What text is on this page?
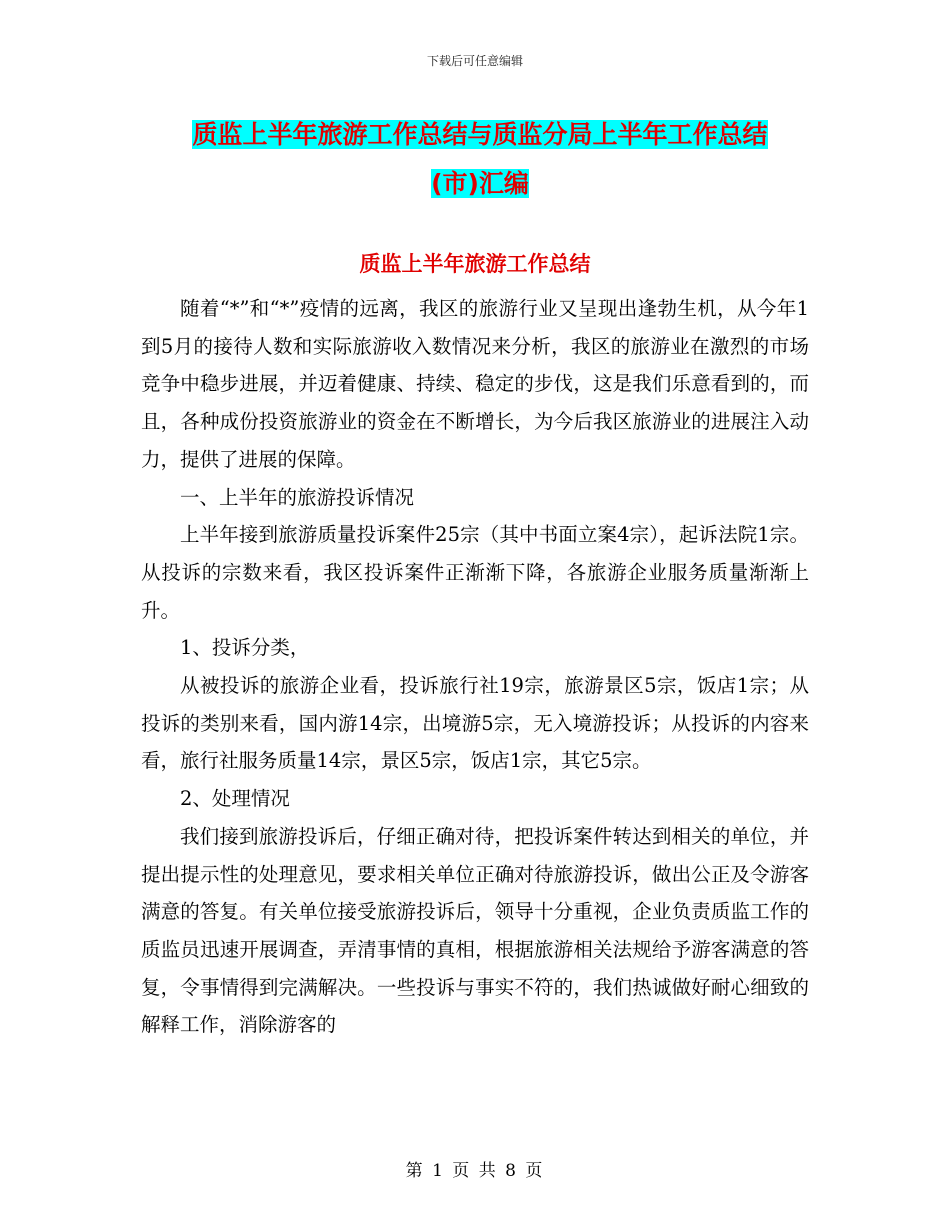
下载后可任意编辑
质监上半年旅游工作总结与质监分局上半年工作总结
(市)汇编
质监上半年旅游工作总结

随着“*”和“*”疫情的远离，我区的旅游行业又呈现出逢勃生机，从今年1到5月的接待人数和实际旅游收入数情况来分析，我区的旅游业在激烈的市场竞争中稳步进展，并迈着健康、持续、稳定的步伐，这是我们乐意看到的，而且，各种成份投资旅游业的资金在不断增长，为今后我区旅游业的进展注入动力，提供了进展的保障。

一、上半年的旅游投诉情况

上半年接到旅游质量投诉案件25宗（其中书面立案4宗），起诉法院1宗。从投诉的宗数来看，我区投诉案件正渐渐下降，各旅游企业服务质量渐渐上升。

1、投诉分类，

从被投诉的旅游企业看，投诉旅行社19宗，旅游景区5宗，饭店1宗；从投诉的类别来看，国内游14宗，出境游5宗，无入境游投诉；从投诉的内容来看，旅行社服务质量14宗，景区5宗，饭店1宗，其它5宗。

2、处理情况

我们接到旅游投诉后，仔细正确对待，把投诉案件转达到相关的单位，并提出提示性的处理意见，要求相关单位正确对待旅游投诉，做出公正及令游客满意的答复。有关单位接受旅游投诉后，领导十分重视，企业负责质监工作的质监员迅速开展调查，弄清事情的真相，根据旅游相关法规给予游客满意的答复，令事情得到完满解决。一些投诉与事实不符的，我们热诚做好耐心细致的解释工作，消除游客的

第 1 页 共 8 页
